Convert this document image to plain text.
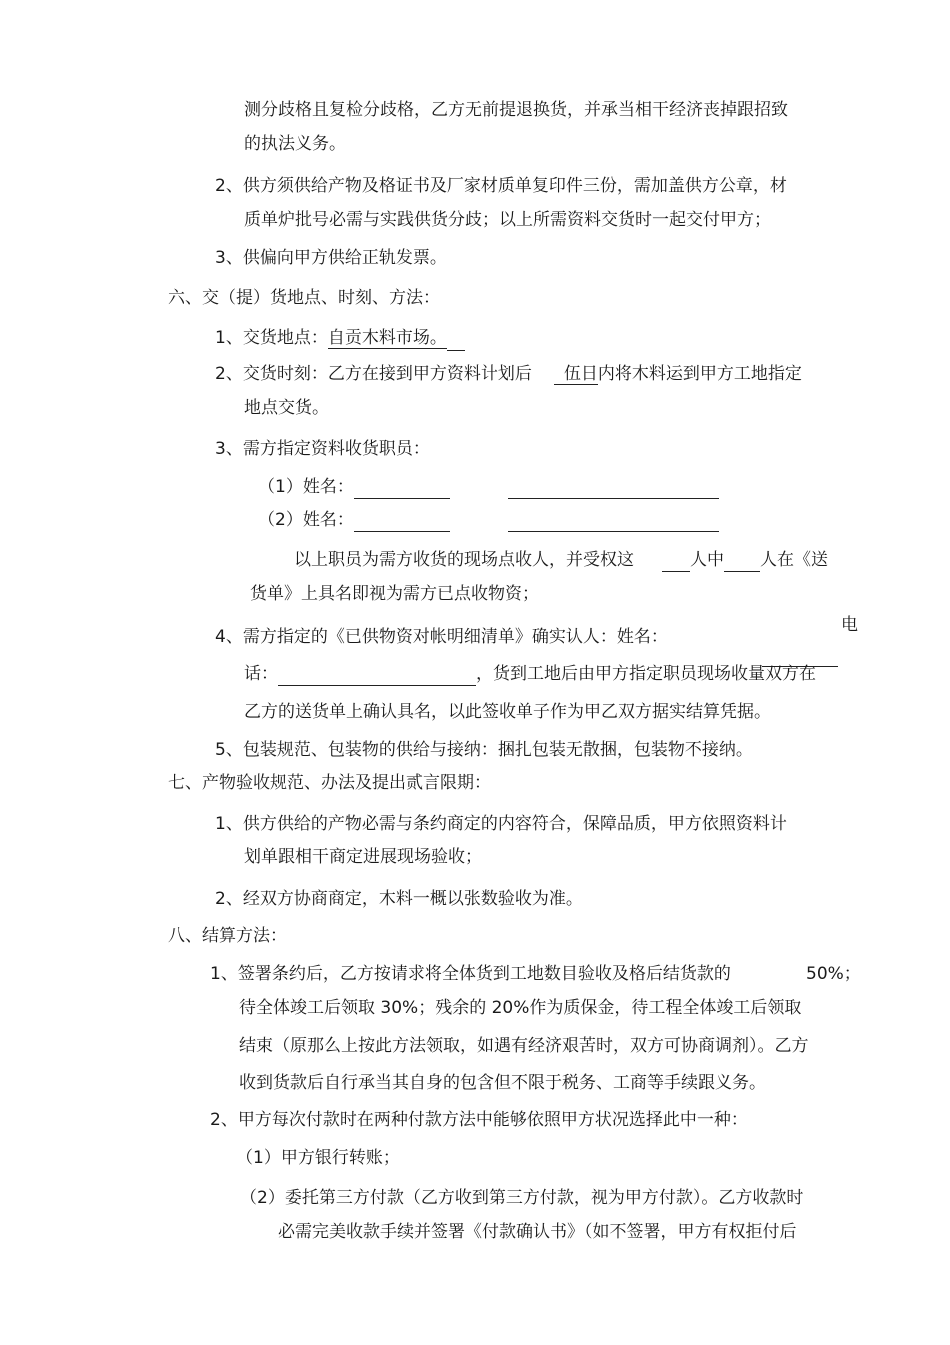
测分歧格且复检分歧格，乙方无前提退换货，并承当相干经济丧掉跟招致
的执法义务。
2、供方须供给产物及格证书及厂家材质单复印件三份，需加盖供方公章，材
质单炉批号必需与实践供货分歧；以上所需资料交货时一起交付甲方；
3、供偏向甲方供给正轨发票。
六、交（提）货地点、时刻、方法：
1、交货地点：自贡木料市场。
2、交货时刻：乙方在接到甲方资料计划后 伍日内将木料运到甲方工地指定
地点交货。
3、需方指定资料收货职员：
（1）姓名：
（2）姓名：
以上职员为需方收货的现场点收人，并受权这	人中 人在《送
货单》上具名即视为需方已点收物资；
4、需方指定的《已供物资对帐明细清单》确实认人：姓名：
电
话：	，货到工地后由甲方指定职员现场收量双方在
乙方的送货单上确认具名，以此签收单子作为甲乙双方据实结算凭据。
5、包装规范、包装物的供给与接纳：捆扎包装无散捆，包装物不接纳。
七、产物验收规范、办法及提出贰言限期：
1、供方供给的产物必需与条约商定的内容符合，保障品质，甲方依照资料计
划单跟相干商定进展现场验收；
2、经双方协商商定，木料一概以张数验收为准。
八、结算方法：
1、签署条约后，乙方按请求将全体货到工地数目验收及格后结货款的	50%；
待全体竣工后领取 30%；残余的 20%作为质保金，待工程全体竣工后领取
结束（原那么上按此方法领取，如遇有经济艰苦时，双方可协商调剂）。乙方
收到货款后自行承当其自身的包含但不限于税务、工商等手续跟义务。
2、甲方每次付款时在两种付款方法中能够依照甲方状况选择此中一种：
（1）甲方银行转账；
（2）委托第三方付款（乙方收到第三方付款，视为甲方付款）。乙方收款时
必需完美收款手续并签署《付款确认书》（如不签署，甲方有权拒付后
